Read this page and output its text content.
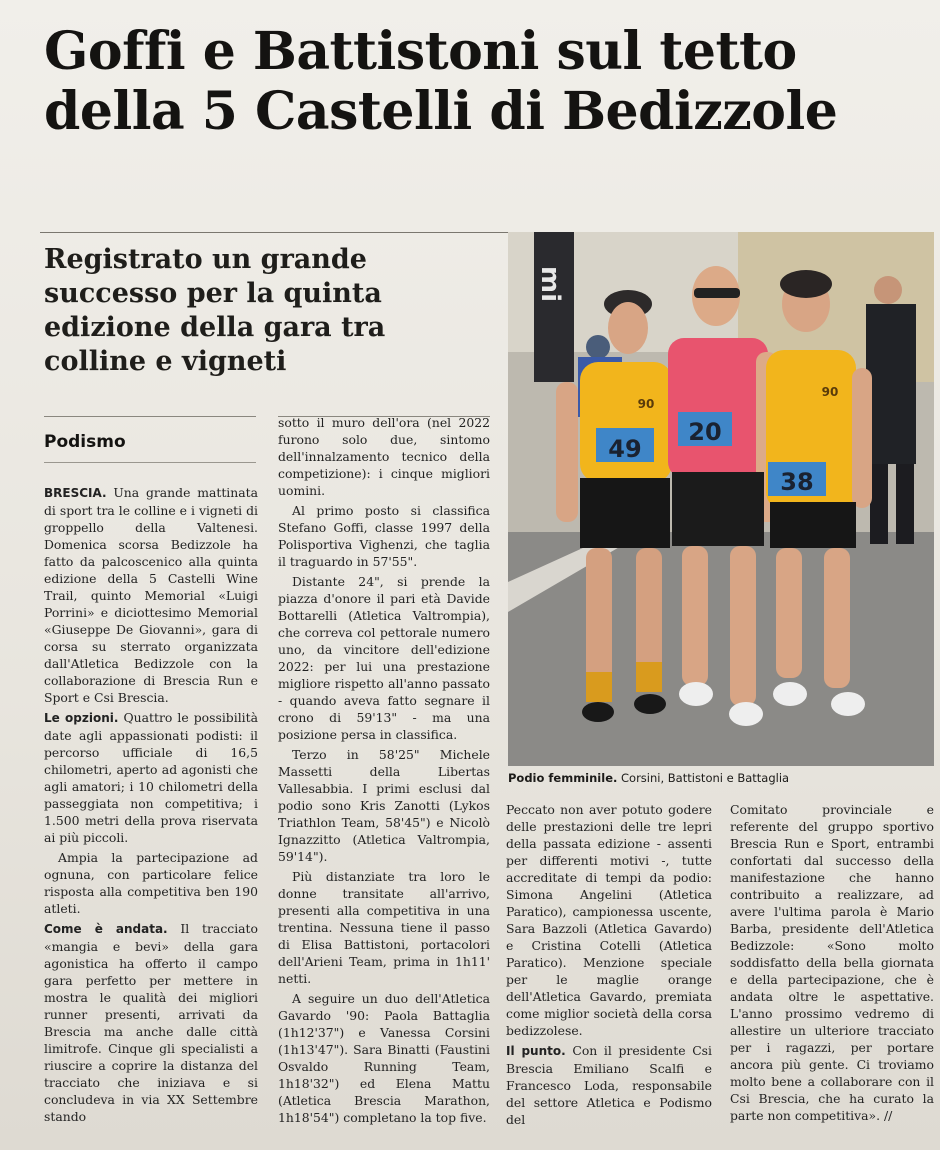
Goffi e Battistoni sul tetto della 5 Castelli di Bedizzole
Registrato un grande successo per la quinta edizione della gara tra colline e vigneti
Podismo

BRESCIA. Una grande mattinata di sport tra le colline e i vigneti di groppello della Valtenesi. Domenica scorsa Bedizzole ha fatto da palcoscenico alla quinta edizione della 5 Castelli Wine Trail, quinto Memorial «Luigi Porrini» e diciottesimo Memorial «Giuseppe De Giovanni», gara di corsa su sterrato organizzata dall'Atletica Bedizzole con la collaborazione di Brescia Run e Sport e Csi Brescia.

Le opzioni. Quattro le possibilità date agli appassionati podisti: il percorso ufficiale di 16,5 chilometri, aperto ad agonisti che agli amatori; i 10 chilometri della passeggiata non competitiva; i 1.500 metri della prova riservata ai più piccoli.

Ampia la partecipazione ad ognuna, con particolare felice risposta alla competitiva ben 190 atleti.

Come è andata. Il tracciato «mangia e bevi» della gara agonistica ha offerto il campo gara perfetto per mettere in mostra le qualità dei migliori runner presenti, arrivati da Brescia ma anche dalle città limitrofe. Cinque gli specialisti a riuscire a coprire la distanza del tracciato che iniziava e si concludeva in via XX Settembre stando

sotto il muro dell'ora (nel 2022 furono solo due, sintomo dell'innalzamento tecnico della competizione): i cinque migliori uomini.

Al primo posto si classifica Stefano Goffi, classe 1997 della Polisportiva Vighenzi, che taglia il traguardo in 57'55".

Distante 24", si prende la piazza d'onore il pari età Davide Bottarelli (Atletica Valtrompia), che correva col pettorale numero uno, da vincitore dell'edizione 2022: per lui una prestazione migliore rispetto all'anno passato - quando aveva fatto segnare il crono di 59'13" - ma una posizione persa in classifica.

Terzo in 58'25" Michele Massetti della Libertas Vallesabbia. I primi esclusi dal podio sono Kris Zanotti (Lykos Triathlon Team, 58'45") e Nicolò Ignazzitto (Atletica Valtrompia, 59'14").

Più distanziate tra loro le donne transitate all'arrivo, presenti alla competitiva in una trentina. Nessuna tiene il passo di Elisa Battistoni, portacolori dell'Arieni Team, prima in 1h11' netti.

A seguire un duo dell'Atletica Gavardo '90: Paola Battaglia (1h12'37") e Vanessa Corsini (1h13'47"). Sara Binatti (Faustini Osvaldo Running Team, 1h18'32") ed Elena Mattu (Atletica Brescia Marathon, 1h18'54") completano la top five.

Peccato non aver potuto godere delle prestazioni delle tre lepri della passata edizione - assenti per differenti motivi -, tutte accreditate di tempi da podio: Simona Angelini (Atletica Paratico), campionessa uscente, Sara Bazzoli (Atletica Gavardo) e Cristina Cotelli (Atletica Paratico). Menzione speciale per le maglie orange dell'Atletica Gavardo, premiata come miglior società della corsa bedizzolese.

Il punto. Con il presidente Csi Brescia Emiliano Scalfi e Francesco Loda, responsabile del settore Atletica e Podismo del

Comitato provinciale e referente del gruppo sportivo Brescia Run e Sport, entrambi confortati dal successo della manifestazione che hanno contribuito a realizzare, ad avere l'ultima parola è Mario Barba, presidente dell'Atletica Bedizzole: «Sono molto soddisfatto della bella giornata e della partecipazione, che è andata oltre le aspettative. L'anno prossimo vedremo di allestire un ulteriore tracciato per i ragazzi, per portare ancora più gente. Ci troviamo molto bene a collaborare con il Csi Brescia, che ha curato la parte non competitiva». //

mi
49
90
20
38
90
Podio femminile. Corsini, Battistoni e Battaglia
